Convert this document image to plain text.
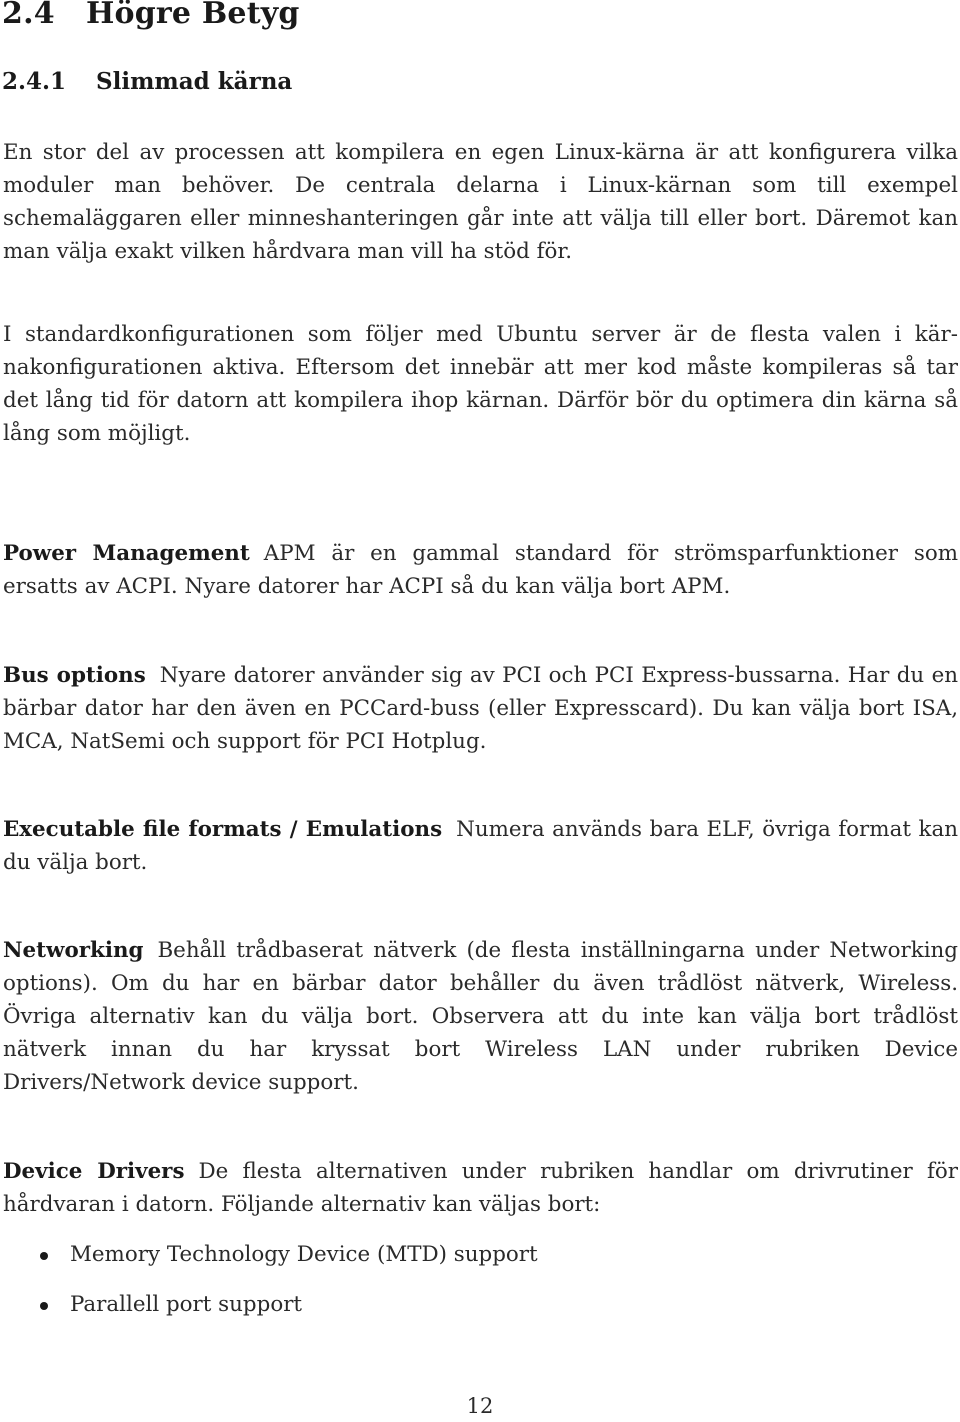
2.4 Högre Betyg
2.4.1 Slimmad kärna

En stor del av processen att kompilera en egen Linux-kärna är att konfigurera vilka moduler man behöver. De centrala delarna i Linux-kärnan som till exempel schemaläggaren eller minneshanteringen går inte att välja till eller bort. Däremot kan man välja exakt vilken hårdvara man vill ha stöd för.

I standardkonfigurationen som följer med Ubuntu server är de flesta valen i kärnakonfigurationen aktiva. Eftersom det innebär att mer kod måste kompileras så tar det lång tid för datorn att kompilera ihop kärnan. Därför bör du optimera din kärna så lång som möjligt.

Power Management APM är en gammal standard för strömsparfunktioner som ersatts av ACPI. Nyare datorer har ACPI så du kan välja bort APM.

Bus options Nyare datorer använder sig av PCI och PCI Express-bussarna. Har du en bärbar dator har den även en PCCard-buss (eller Expresscard). Du kan välja bort ISA, MCA, NatSemi och support för PCI Hotplug.

Executable file formats / Emulations Numera används bara ELF, övriga format kan du välja bort.

Networking Behåll trådbaserat nätverk (de flesta inställningarna under Networking options). Om du har en bärbar dator behåller du även trådlöst nätverk, Wireless. Övriga alternativ kan du välja bort. Observera att du inte kan välja bort trådlöst nätverk innan du har kryssat bort Wireless LAN under rubriken Device Drivers/Network device support.

Device Drivers De flesta alternativen under rubriken handlar om drivrutiner för hårdvaran i datorn. Följande alternativ kan väljas bort:

Memory Technology Device (MTD) support
Parallell port support
12
